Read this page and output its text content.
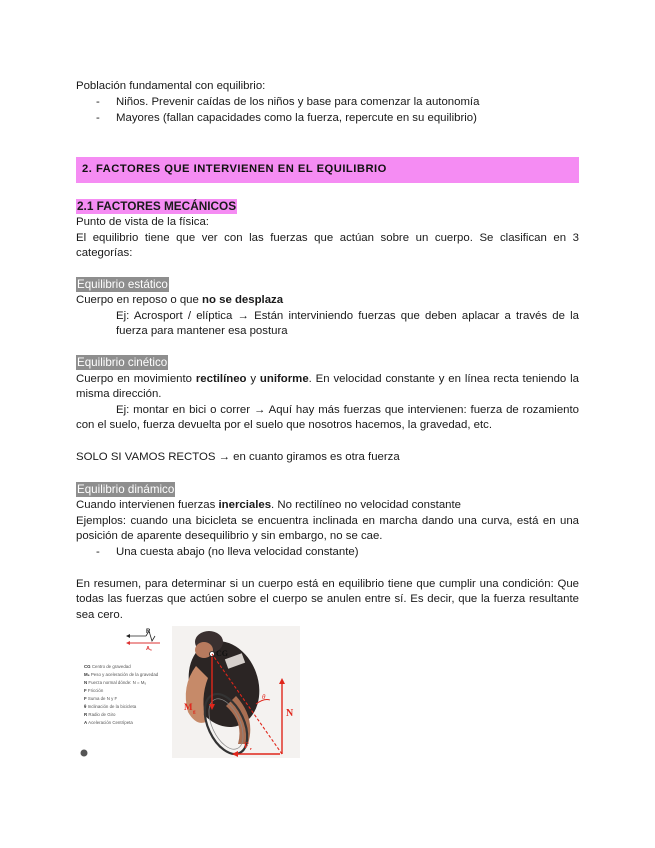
Población fundamental con equilibrio:

-	Niños. Prevenir caídas de los niños y base para comenzar la autonomía
-	Mayores (fallan capacidades como la fuerza, repercute en su equilibrio)
2. FACTORES QUE INTERVIENEN EN EL EQUILIBRIO
2.1 FACTORES MECÁNICOS

Punto de vista de la física:

El equilibrio tiene que ver con las fuerzas que actúan sobre un cuerpo. Se clasifican en 3 categorías:

Equilibrio estático

Cuerpo en reposo o que no se desplaza

Ej: Acrosport / elíptica → Están interviniendo fuerzas que deben aplacar a través de la fuerza para mantener esa postura

Equilibrio cinético

Cuerpo en movimiento rectilíneo y uniforme. En velocidad constante y en línea recta teniendo la misma dirección.

Ej: montar en bici o correr → Aquí hay más fuerzas que intervienen: fuerza de rozamiento con el suelo, fuerza devuelta por el suelo que nosotros hacemos, la gravedad, etc.

SOLO SI VAMOS RECTOS → en cuanto giramos es otra fuerza

Equilibrio dinámico

Cuando intervienen fuerzas inerciales. No rectilíneo no velocidad constante

Ejemplos: cuando una bicicleta se encuentra inclinada en marcha dando una curva, está en una posición de aparente desequilibrio y sin embargo, no se cae.

-	Una cuesta abajo (no lleva velocidad constante)

En resumen, para determinar si un cuerpo está en equilibrio tiene que cumplir una condición: Que todas las fuerzas que actúen sobre el cuerpo se anulen entre sí. Es decir, que la fuerza resultante sea cero.

R
A꜀	CG
M
g
θ
N
F r
CG Centro de gravedad
M₉ Peso y aceleración de la gravedad
N Fuerza normal dónde: N = M₉
F Fricción
F Suma de N y F
θ Inclinación de la bicicleta
R Radio de Giro
A Aceleración Centrípeta
